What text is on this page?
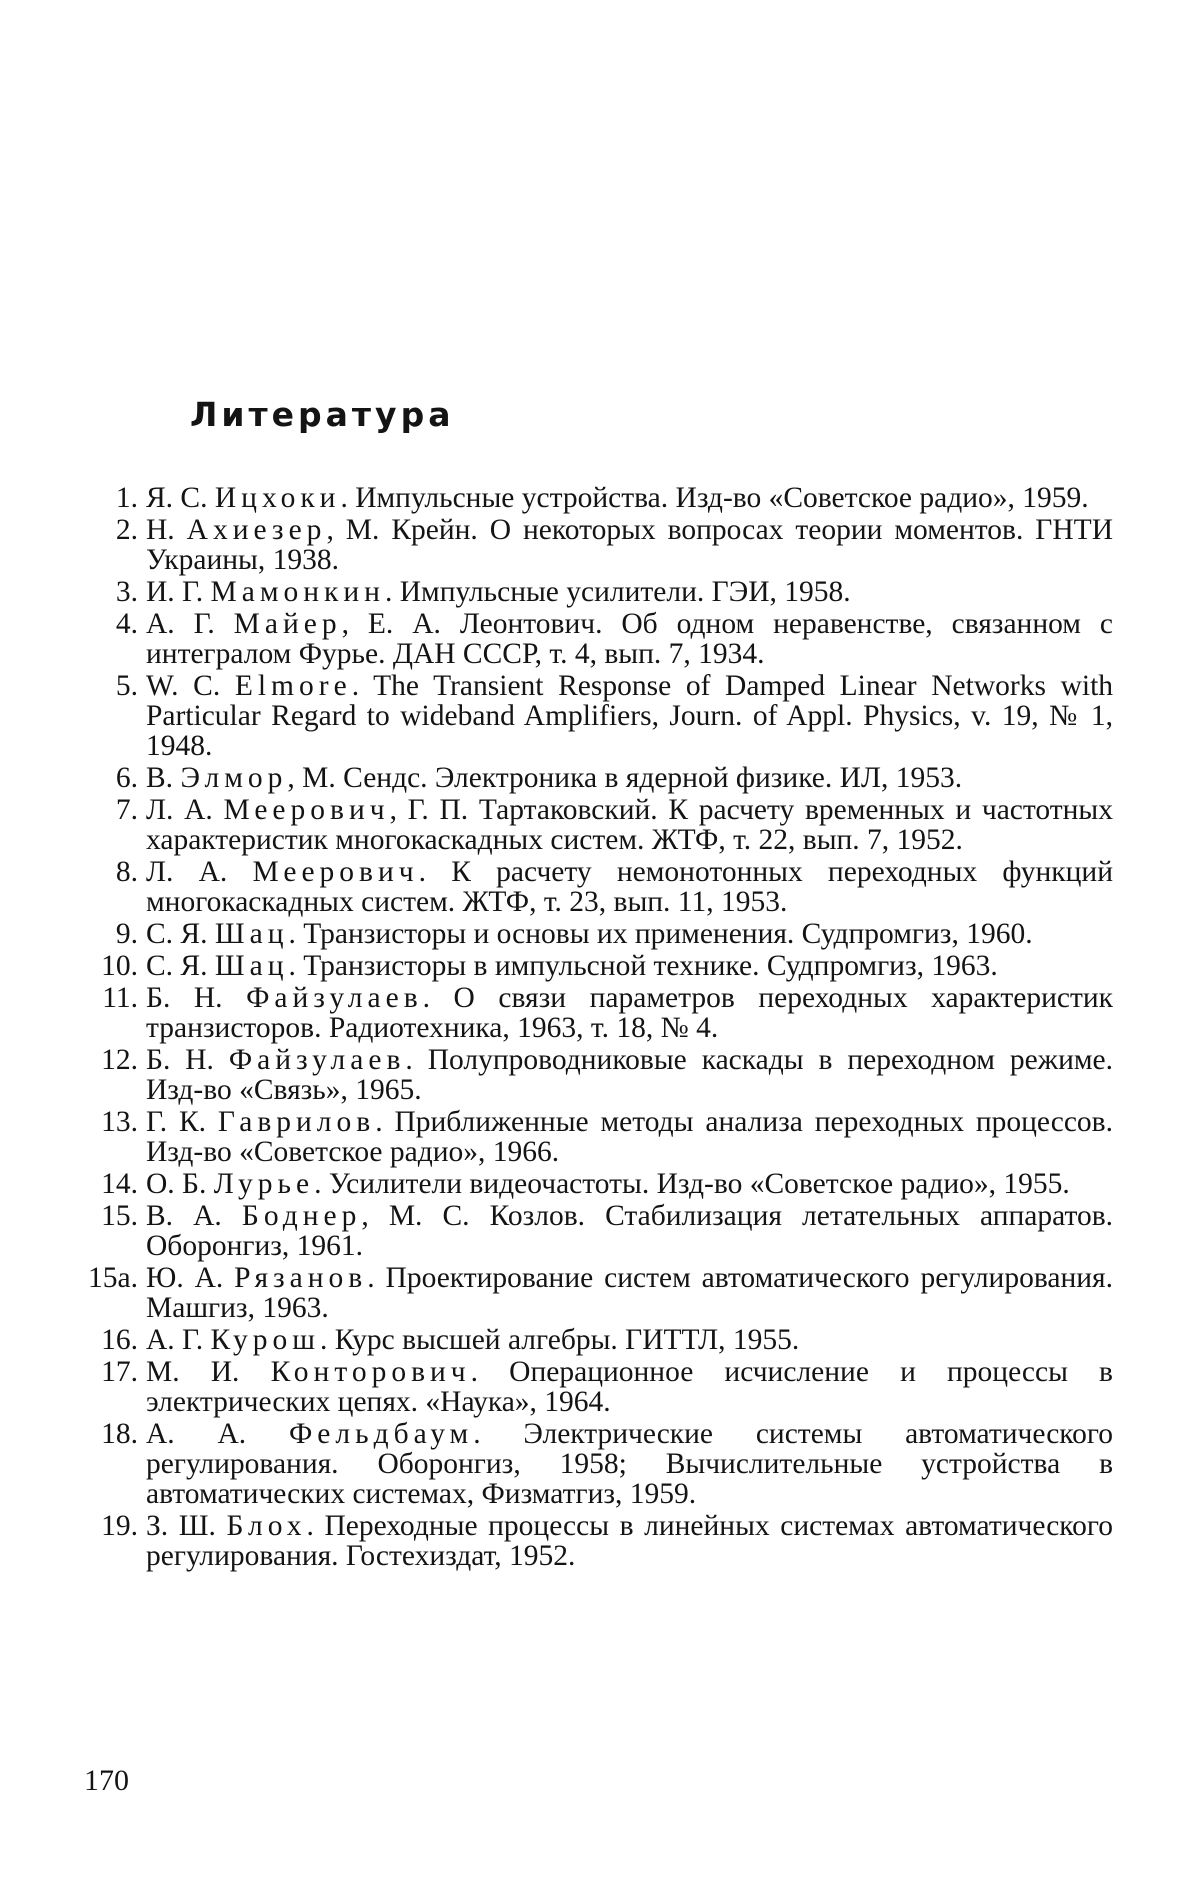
Литература
1. Я. С. Ицхоки. Импульсные устройства. Изд-во «Советское радио», 1959.
2. Н. Ахиезер, М. Крейн. О некоторых вопросах теории моментов. ГНТИ Украины, 1938.
3. И. Г. Мамонкин. Импульсные усилители. ГЭИ, 1958.
4. А. Г. Майер, Е. А. Леонтович. Об одном неравенстве, связанном с интегралом Фурье. ДАН СССР, т. 4, вып. 7, 1934.
5. W. C. Elmore. The Transient Response of Damped Linear Networks with Particular Regard to wideband Amplifiers, Journ. of Appl. Physics, v. 19, № 1, 1948.
6. В. Элмор, М. Сендс. Электроника в ядерной физике. ИЛ, 1953.
7. Л. А. Меерович, Г. П. Тартаковский. К расчету временных и частотных характеристик многокаскадных систем. ЖТФ, т. 22, вып. 7, 1952.
8. Л. А. Меерович. К расчету немонотонных переходных функций многокаскадных систем. ЖТФ, т. 23, вып. 11, 1953.
9. С. Я. Шац. Транзисторы и основы их применения. Судпромгиз, 1960.
10. С. Я. Шац. Транзисторы в импульсной технике. Судпромгиз, 1963.
11. Б. Н. Файзулаев. О связи параметров переходных характеристик транзисторов. Радиотехника, 1963, т. 18, № 4.
12. Б. Н. Файзулаев. Полупроводниковые каскады в переходном режиме. Изд-во «Связь», 1965.
13. Г. К. Гаврилов. Приближенные методы анализа переходных процессов. Изд-во «Советское радио», 1966.
14. О. Б. Лурье. Усилители видеочастоты. Изд-во «Советское радио», 1955.
15. В. А. Боднер, М. С. Козлов. Стабилизация летательных аппаратов. Оборонгиз, 1961.
15а. Ю. А. Рязанов. Проектирование систем автоматического регулирования. Машгиз, 1963.
16. А. Г. Курош. Курс высшей алгебры. ГИТТЛ, 1955.
17. М. И. Конторович. Операционное исчисление и процессы в электрических цепях. «Наука», 1964.
18. А. А. Фельдбаум. Электрические системы автоматического регулирования. Оборонгиз, 1958; Вычислительные устройства в автоматических системах, Физматгиз, 1959.
19. З. Ш. Блох. Переходные процессы в линейных системах автоматического регулирования. Гостехиздат, 1952.
170
